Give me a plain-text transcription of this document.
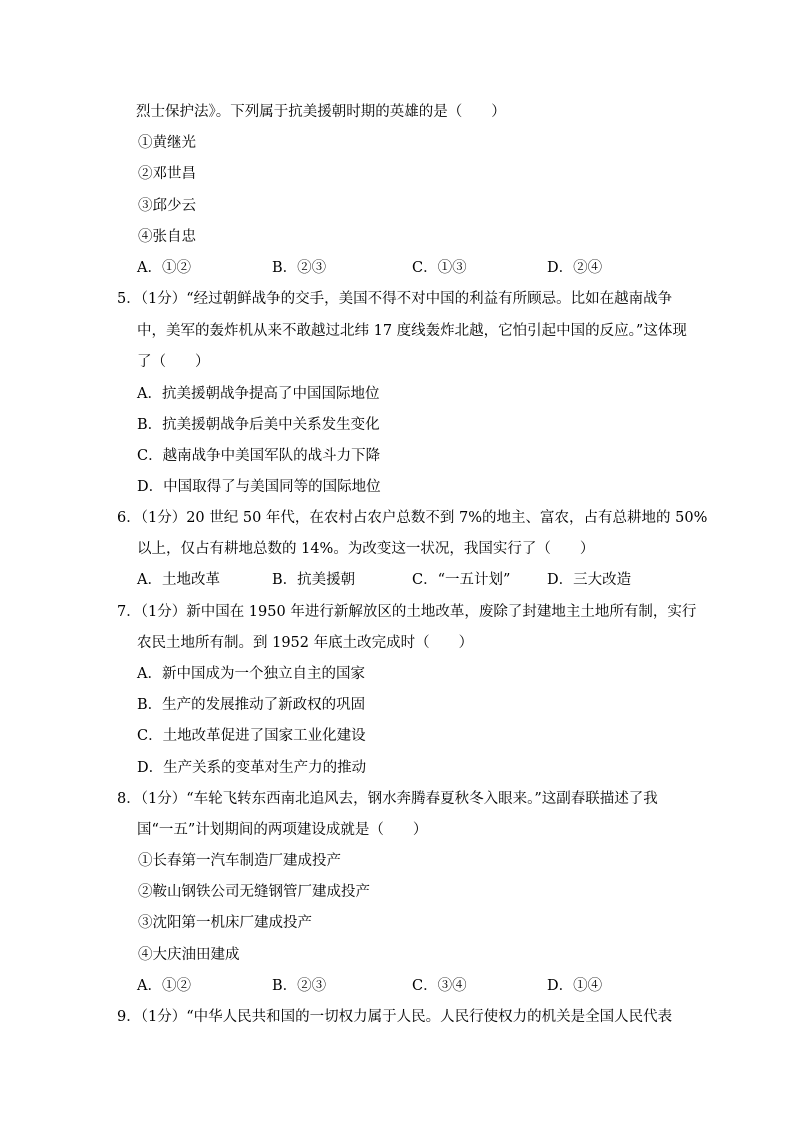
烈士保护法》。下列属于抗美援朝时期的英雄的是（　　）
①黄继光
②邓世昌
③邱少云
④张自忠
A．①②	B．②③	C．①③	D．②④
5．（1分）“经过朝鲜战争的交手，美国不得不对中国的利益有所顾忌。比如在越南战争
中，美军的轰炸机从来不敢越过北纬 17 度线轰炸北越，它怕引起中国的反应。”这体现
了（　　）
A．抗美援朝战争提高了中国国际地位
B．抗美援朝战争后美中关系发生变化
C．越南战争中美国军队的战斗力下降
D．中国取得了与美国同等的国际地位
6．（1分）20 世纪 50 年代，在农村占农户总数不到 7%的地主、富农，占有总耕地的 50%
以上，仅占有耕地总数的 14%。为改变这一状况，我国实行了（　　）
A．土地改革	B．抗美援朝	C．“一五计划”	D．三大改造
7．（1分）新中国在 1950 年进行新解放区的土地改革，废除了封建地主土地所有制，实行
农民土地所有制。到 1952 年底土改完成时（　　）
A．新中国成为一个独立自主的国家
B．生产的发展推动了新政权的巩固
C．土地改革促进了国家工业化建设
D．生产关系的变革对生产力的推动
8．（1分）“车轮飞转东西南北追风去，钢水奔腾春夏秋冬入眼来。”这副春联描述了我
国“一五”计划期间的两项建设成就是（　　）
①长春第一汽车制造厂建成投产
②鞍山钢铁公司无缝钢管厂建成投产
③沈阳第一机床厂建成投产
④大庆油田建成
A．①②	B．②③	C．③④	D．①④
9．（1分）“中华人民共和国的一切权力属于人民。人民行使权力的机关是全国人民代表
